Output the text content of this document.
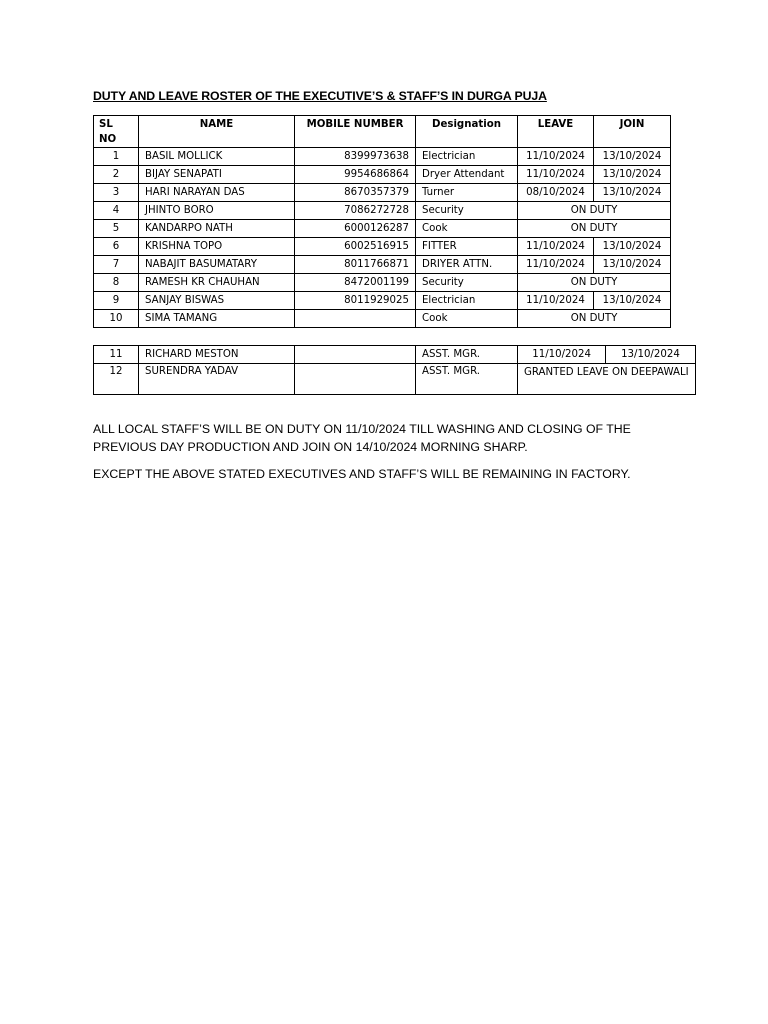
DUTY AND LEAVE ROSTER OF THE EXECUTIVE’S & STAFF’S IN DURGA PUJA
SL
NO	NAME	MOBILE NUMBER	Designation	LEAVE	JOIN
1	BASIL MOLLICK	8399973638	Electrician	11/10/2024	13/10/2024
2	BIJAY SENAPATI	9954686864	Dryer Attendant	11/10/2024	13/10/2024
3	HARI NARAYAN DAS	8670357379	Turner	08/10/2024	13/10/2024
4	JHINTO BORO	7086272728	Security	ON DUTY	
5	KANDARPO NATH	6000126287	Cook	ON DUTY	
6	KRISHNA TOPO	6002516915	FITTER	11/10/2024	13/10/2024
7	NABAJIT BASUMATARY	8011766871	DRIYER ATTN.	11/10/2024	13/10/2024
8	RAMESH KR CHAUHAN	8472001199	Security	ON DUTY	
9	SANJAY BISWAS	8011929025	Electrician	11/10/2024	13/10/2024
10	SIMA TAMANG		Cook	ON DUTY	
11	RICHARD MESTON		ASST. MGR.	11/10/2024	13/10/2024
12	SURENDRA YADAV		ASST. MGR.	GRANTED LEAVE ON DEEPAWALI	
ALL LOCAL STAFF’S WILL BE ON DUTY ON 11/10/2024 TILL WASHING AND CLOSING OF THE PREVIOUS DAY PRODUCTION AND JOIN ON 14/10/2024 MORNING SHARP.
EXCEPT THE ABOVE STATED EXECUTIVES AND STAFF’S WILL BE REMAINING IN FACTORY.
